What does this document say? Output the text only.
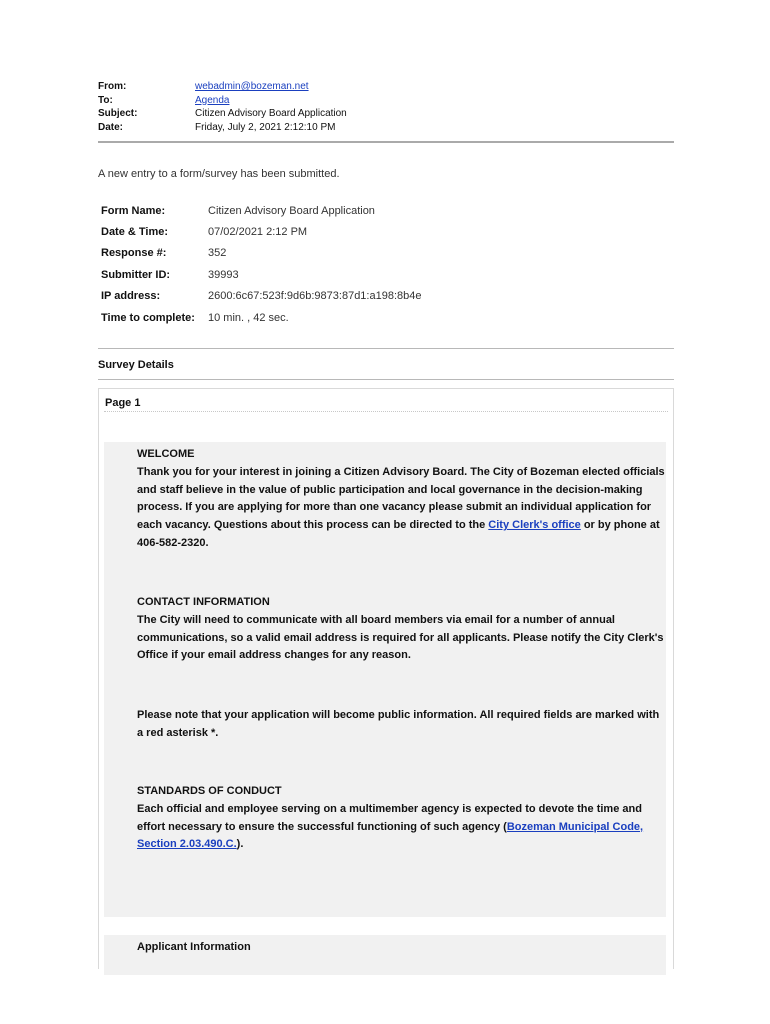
From:	webadmin@bozeman.net
To:	Agenda
Subject:	Citizen Advisory Board Application
Date:	Friday, July 2, 2021 2:12:10 PM
A new entry to a form/survey has been submitted.
Form Name:	Citizen Advisory Board Application
Date & Time:	07/02/2021 2:12 PM
Response #:	352
Submitter ID:	39993
IP address:	2600:6c67:523f:9d6b:9873:87d1:a198:8b4e
Time to complete:	10 min. , 42 sec.
Survey Details
Page 1
WELCOME
Thank you for your interest in joining a Citizen Advisory Board. The City of Bozeman elected officials and staff believe in the value of public participation and local governance in the decision-making process. If you are applying for more than one vacancy please submit an individual application for each vacancy. Questions about this process can be directed to the City Clerk's office or by phone at 406-582-2320.
CONTACT INFORMATION
The City will need to communicate with all board members via email for a number of annual communications, so a valid email address is required for all applicants. Please notify the City Clerk's Office if your email address changes for any reason.
Please note that your application will become public information. All required fields are marked with a red asterisk *.
STANDARDS OF CONDUCT
Each official and employee serving on a multimember agency is expected to devote the time and effort necessary to ensure the successful functioning of such agency (Bozeman Municipal Code, Section 2.03.490.C.).
Applicant Information
